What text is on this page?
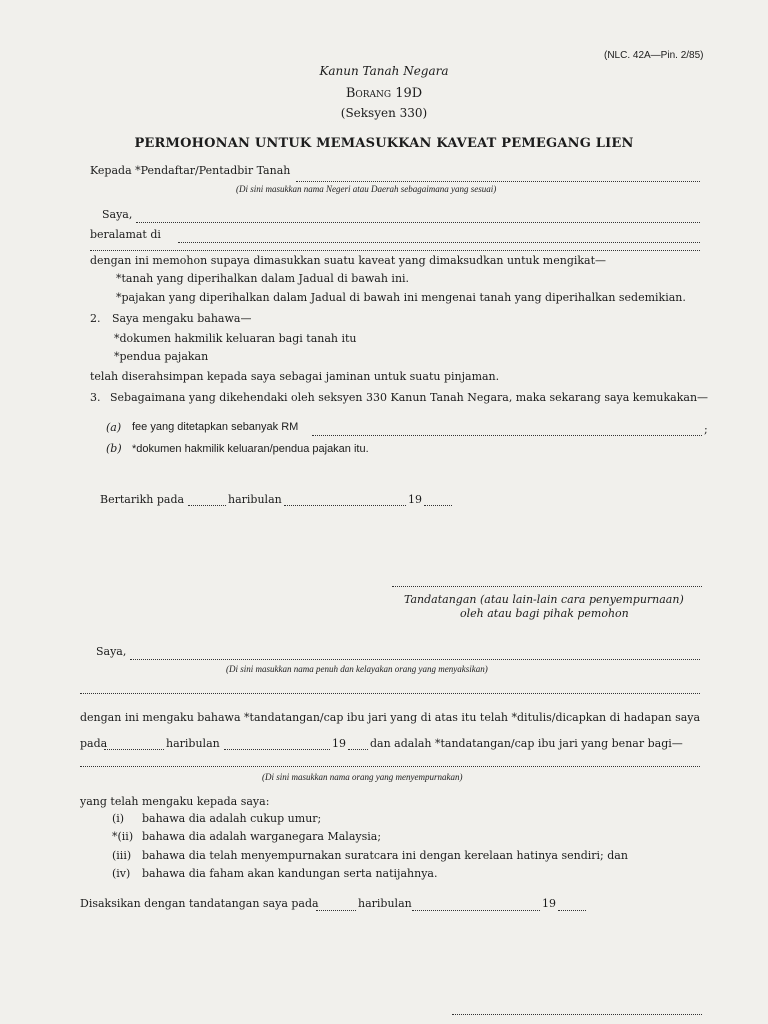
(NLC. 42A—Pin. 2/85)
Kanun Tanah Negara
Borang 19D
(Seksyen 330)
PERMOHONAN UNTUK MEMASUKKAN KAVEAT PEMEGANG LIEN
Kepada *Pendaftar/Pentadbir Tanah
(Di sini masukkan nama Negeri atau Daerah sebagaimana yang sesuai)
Saya,
beralamat di
dengan ini memohon supaya dimasukkan suatu kaveat yang dimaksudkan untuk mengikat—
*tanah yang diperihalkan dalam Jadual di bawah ini.
*pajakan yang diperihalkan dalam Jadual di bawah ini mengenai tanah yang diperihalkan sedemikian.
2. Saya mengaku bahawa—
*dokumen hakmilik keluaran bagi tanah itu
*pendua pajakan
telah diserahsimpan kepada saya sebagai jaminan untuk suatu pinjaman.
3. Sebagaimana yang dikehendaki oleh seksyen 330 Kanun Tanah Negara, maka sekarang saya kemukakan—
(a) fee yang ditetapkan sebanyak RM	;
(b) *dokumen hakmilik keluaran/pendua pajakan itu.
Bertarikh pada	haribulan	19
Tandatangan (atau lain-lain cara penyempurnaan)
oleh atau bagi pihak pemohon
Saya,
(Di sini masukkan nama penuh dan kelayakan orang yang menyaksikan)
dengan ini mengaku bahawa *tandatangan/cap ibu jari yang di atas itu telah *ditulis/dicapkan di hadapan saya
pada	haribulan	19 dan adalah *tandatangan/cap ibu jari yang benar bagi—
(Di sini masukkan nama orang yang menyempurnakan)
yang telah mengaku kepada saya:
(i)	bahawa dia adalah cukup umur;
*(ii) bahawa dia adalah warganegara Malaysia;
(iii) bahawa dia telah menyempurnakan suratcara ini dengan kerelaan hatinya sendiri; dan
(iv)	bahawa dia faham akan kandungan serta natijahnya.
Disaksikan dengan tandatangan saya pada	haribulan	19
